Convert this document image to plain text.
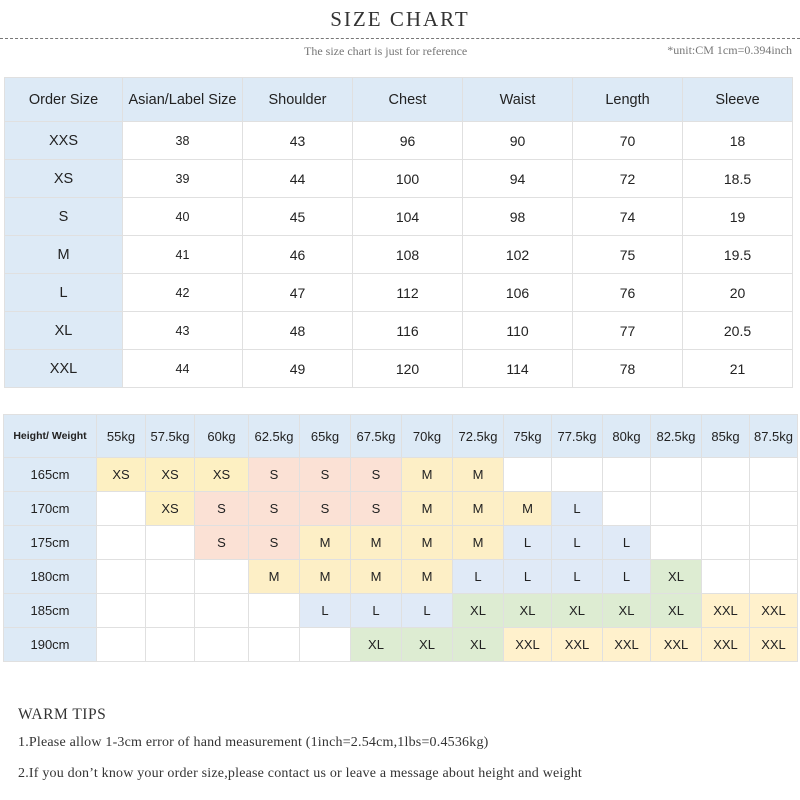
SIZE CHART
The size chart is just for reference	*unit:CM 1cm=0.394inch
Order Size	Asian/Label Size	Shoulder	Chest	Waist	Length	Sleeve
XXS	38	43	96	90	70	18
XS	39	44	100	94	72	18.5
S	40	45	104	98	74	19
M	41	46	108	102	75	19.5
L	42	47	112	106	76	20
XL	43	48	116	110	77	20.5
XXL	44	49	120	114	78	21
Height/ Weight	55kg	57.5kg	60kg	62.5kg	65kg	67.5kg	70kg	72.5kg	75kg	77.5kg	80kg	82.5kg	85kg	87.5kg
165cm	XS	XS	XS	S	S	S	M	M						
170cm		XS	S	S	S	S	M	M	M	L				
175cm			S	S	M	M	M	M	L	L	L			
180cm				M	M	M	M	L	L	L	L	XL		
185cm					L	L	L	XL	XL	XL	XL	XL	XXL	XXL
190cm						XL	XL	XL	XXL	XXL	XXL	XXL	XXL	XXL
WARM TIPS
1.Please allow 1-3cm error of hand measurement (1inch=2.54cm,1lbs=0.4536kg)
2.If you don’t know your order size,please contact us or leave a message about height and weight
